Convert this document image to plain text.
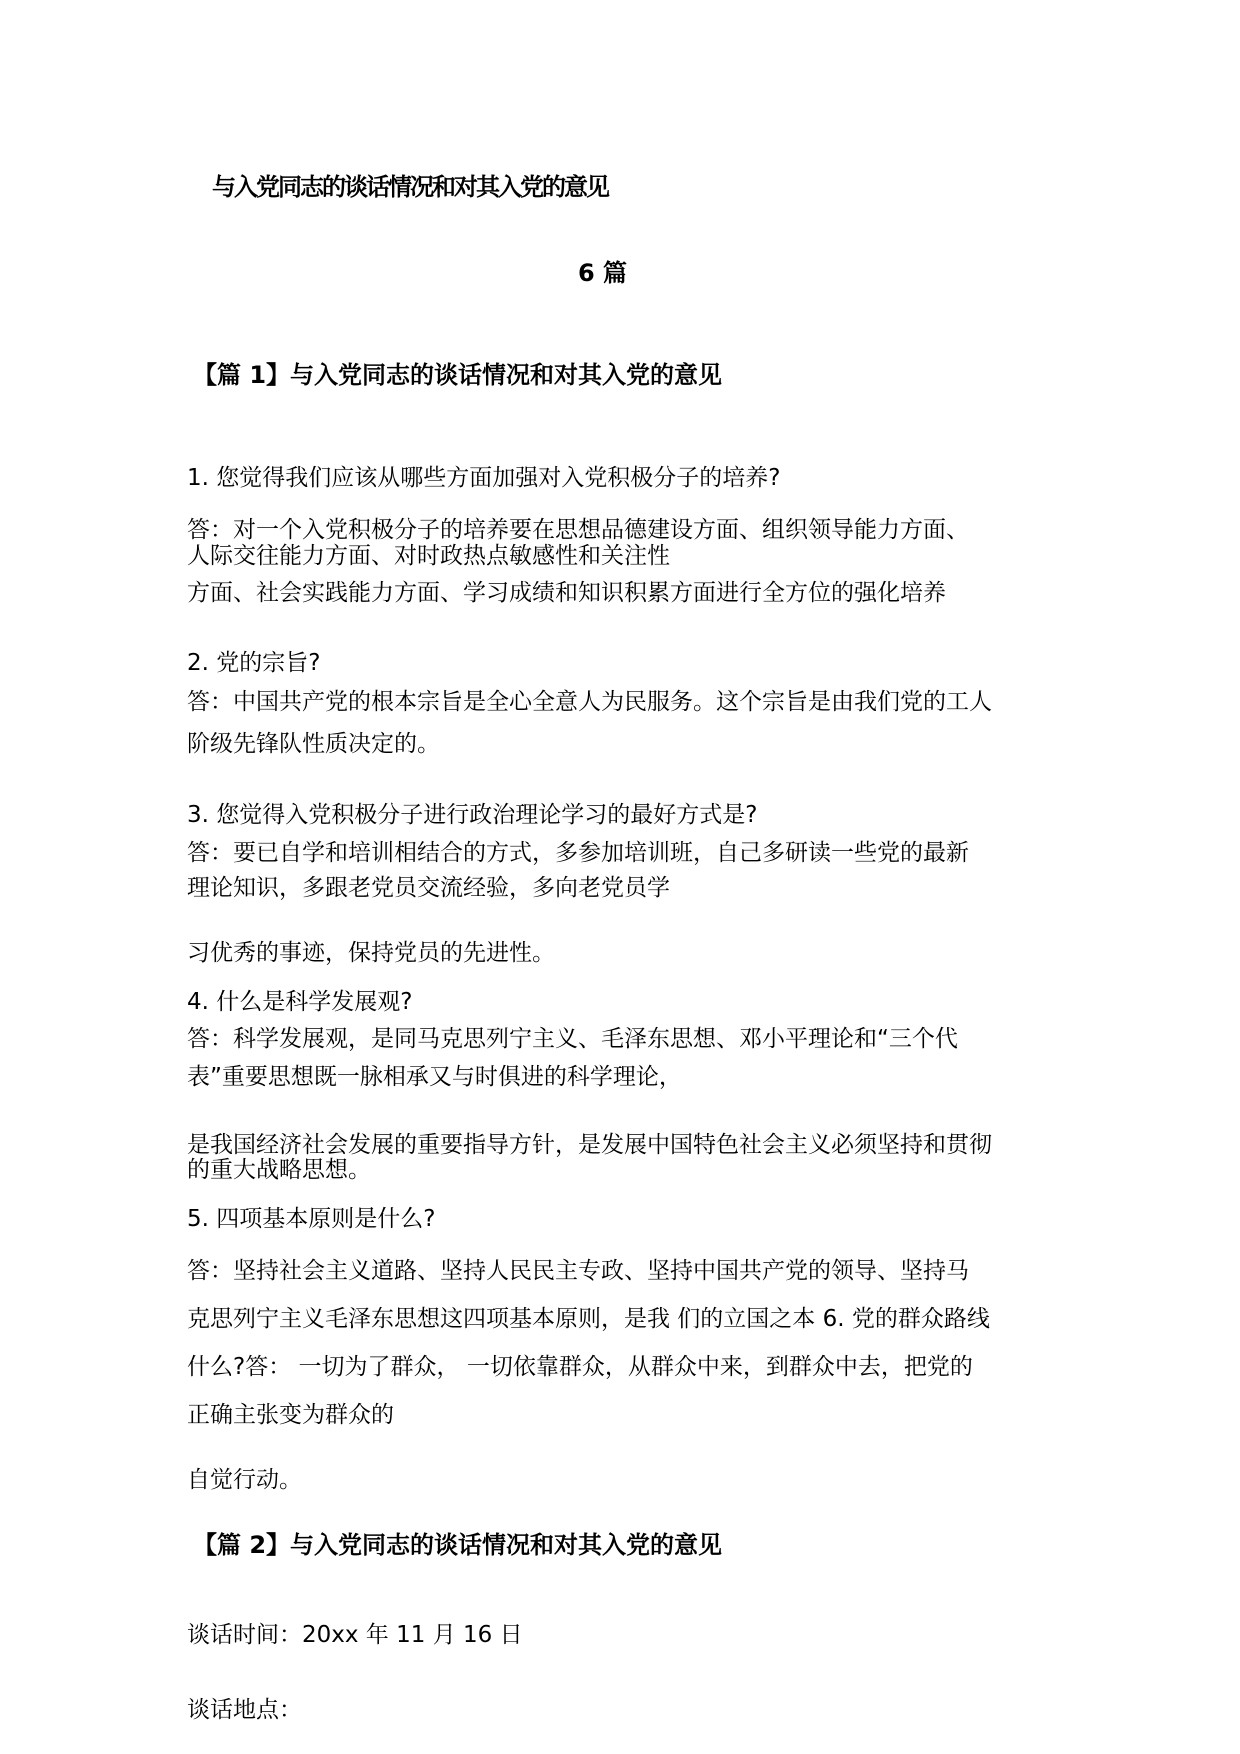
与入党同志的谈话情况和对其入党的意见
6 篇
【篇 1】与入党同志的谈话情况和对其入党的意见
1. 您觉得我们应该从哪些方面加强对入党积极分子的培养?
答：对一个入党积极分子的培养要在思想品德建设方面、组织领导能力方面、
人际交往能力方面、对时政热点敏感性和关注性
方面、社会实践能力方面、学习成绩和知识积累方面进行全方位的强化培养
2. 党的宗旨?
答：中国共产党的根本宗旨是全心全意人为民服务。这个宗旨是由我们党的工人
阶级先锋队性质决定的。
3. 您觉得入党积极分子进行政治理论学习的最好方式是?
答：要已自学和培训相结合的方式，多参加培训班，自己多研读一些党的最新
理论知识，多跟老党员交流经验，多向老党员学
习优秀的事迹，保持党员的先进性。
4. 什么是科学发展观?
答：科学发展观，是同马克思列宁主义、毛泽东思想、邓小平理论和“三个代
表”重要思想既一脉相承又与时俱进的科学理论，
是我国经济社会发展的重要指导方针，是发展中国特色社会主义必须坚持和贯彻
的重大战略思想。
5. 四项基本原则是什么?
答：坚持社会主义道路、坚持人民民主专政、坚持中国共产党的领导、坚持马
克思列宁主义毛泽东思想这四项基本原则，是我 们的立国之本 6. 党的群众路线
什么?答： 一切为了群众， 一切依靠群众，从群众中来，到群众中去，把党的
正确主张变为群众的
自觉行动。
【篇 2】与入党同志的谈话情况和对其入党的意见
谈话时间：20xx 年 11 月 16 日
谈话地点：
